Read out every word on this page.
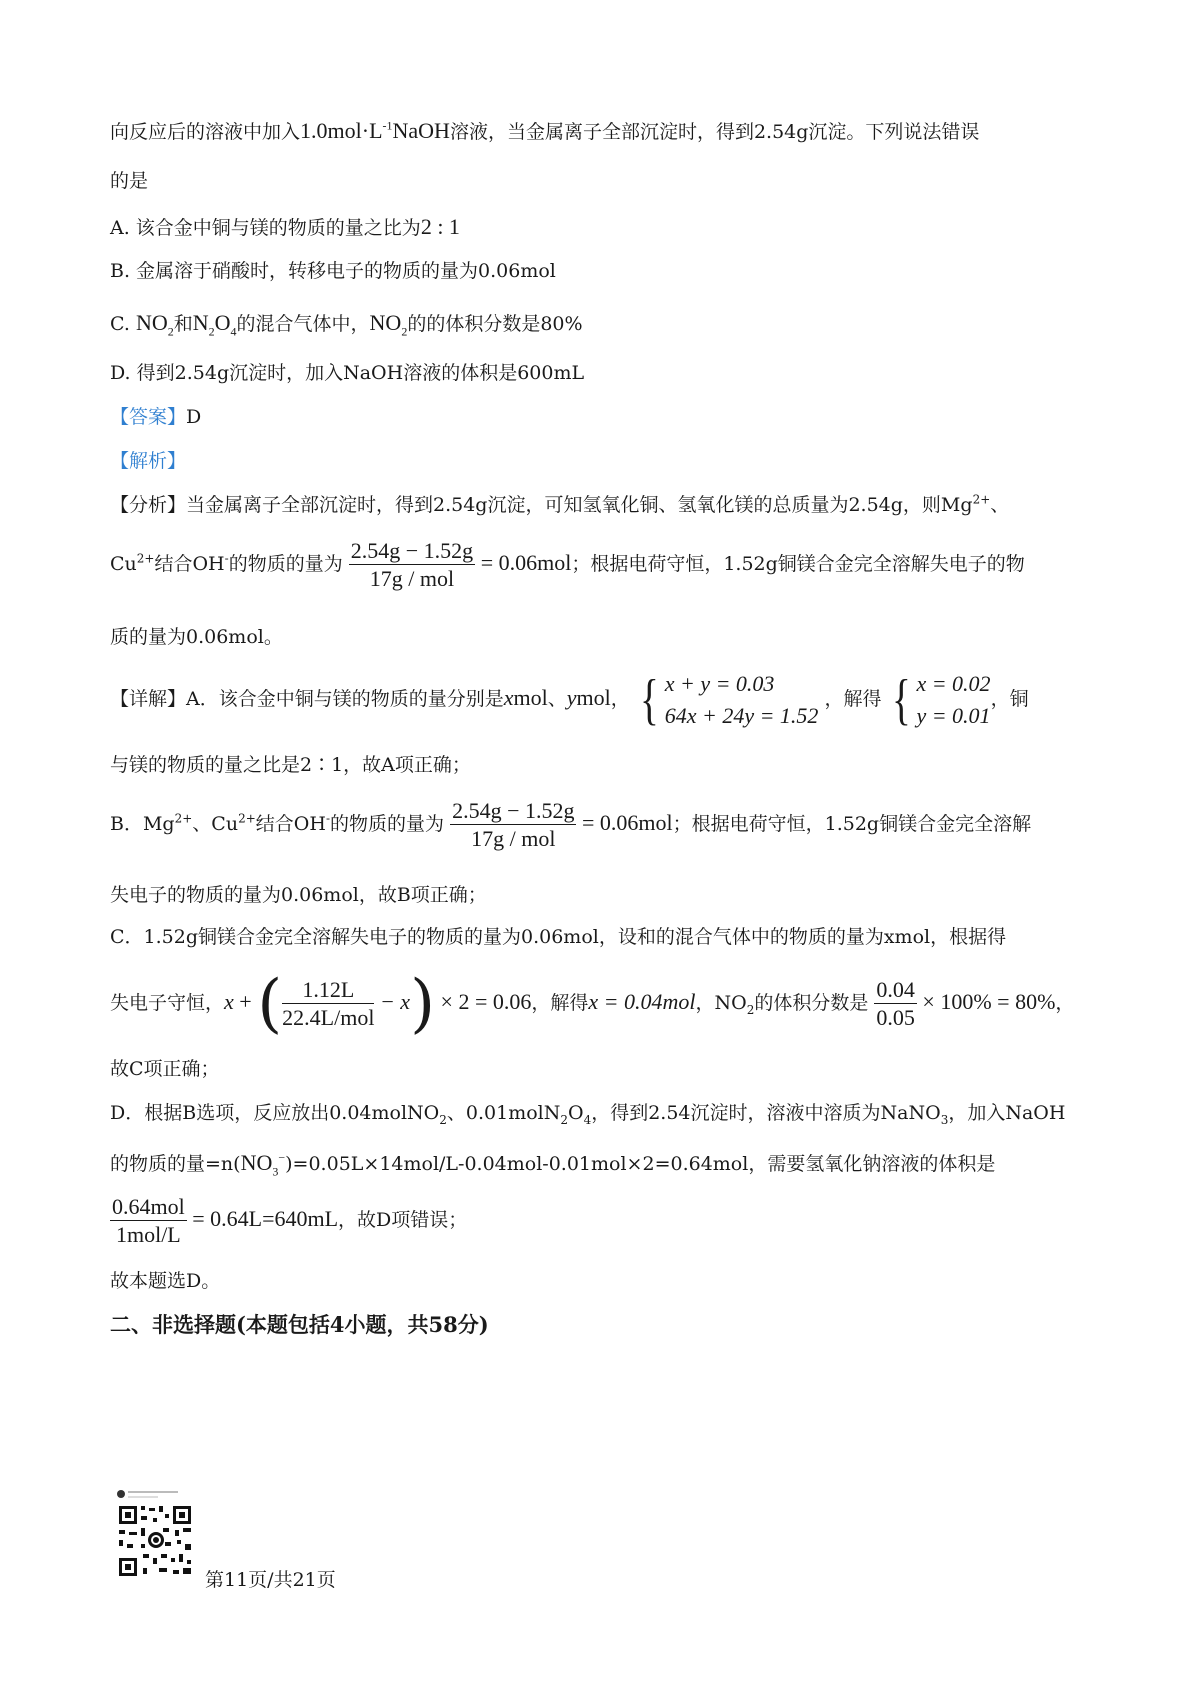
向反应后的溶液中加入$1.0mol\cdot L^{-1}NaOH$溶液，当金属离子全部沉淀时，得到2.54g沉淀。下列说法错误
的是
A. 该合金中铜与镁的物质的量之比为2 : 1
B. 金属溶于硝酸时，转移电子的物质的量为0.06mol
C. $NO_2$和$N_2O_4$的混合气体中，$NO_2$的的体积分数是80%
D. 得到2.54g沉淀时，加入NaOH溶液的体积是600mL
【答案】D
【解析】
【分析】当金属离子全部沉淀时，得到2.54g沉淀，可知氢氧化铜、氢氧化镁的总质量为2.54g，则$Mg^{2+}$、
$Cu^{2+}$结合OH-的物质的量为 $\frac{2.54g - 1.52g}{\text{17g / mol}} = 0.06mol$；根据电荷守恒，1.52g铜镁合金完全溶解失电子的物
质的量为0.06mol。
【详解】A．该合金中铜与镁的物质的量分别是xmol、ymol， { x + y = 0.03
64x + 24y = 1.52
，解得 { x = 0.02
y = 0.01
，铜
与镁的物质的量之比是2∶1，故A项正确；
B．$Mg^{2+}$、$Cu^{2+}$结合OH-的物质的量为 $\frac{2.54g - 1.52g}{\text{17g / mol}} = 0.06mol$；根据电荷守恒，1.52g铜镁合金完全溶解
失电子的物质的量为0.06mol，故B项正确；
C．1.52g铜镁合金完全溶解失电子的物质的量为0.06mol，设和的混合气体中的物质的量为xmol，根据得
失电子守恒，x + ( $\frac{1.12L}{\text{22.4L/mol}} - x) \times 2 = 0.06$，解得x = 0.04mol，$NO_2$的体积分数是 $\frac{0.04}{0.05} \times 100\% = 80\%$，
故C项正确；
D．根据B选项，反应放出0.04molNO$_2$、$0.01molN_2O_4$，得到2.54沉淀时，溶液中溶质为NaNO$_3$，加入NaOH
的物质的量$=n(NO_3^-)=0.05L\times 14mol/L-0.04mol-0.01mol\times 2=0.64mol$，需要氢氧化钠溶液的体积是
$\frac{\text{0.64mol}}{\text{1mol/L}} = 0.64L=640mL$，故D项错误；
故本题选D。
二、非选择题(本题包括4小题，共58分)
第11页/共21页
